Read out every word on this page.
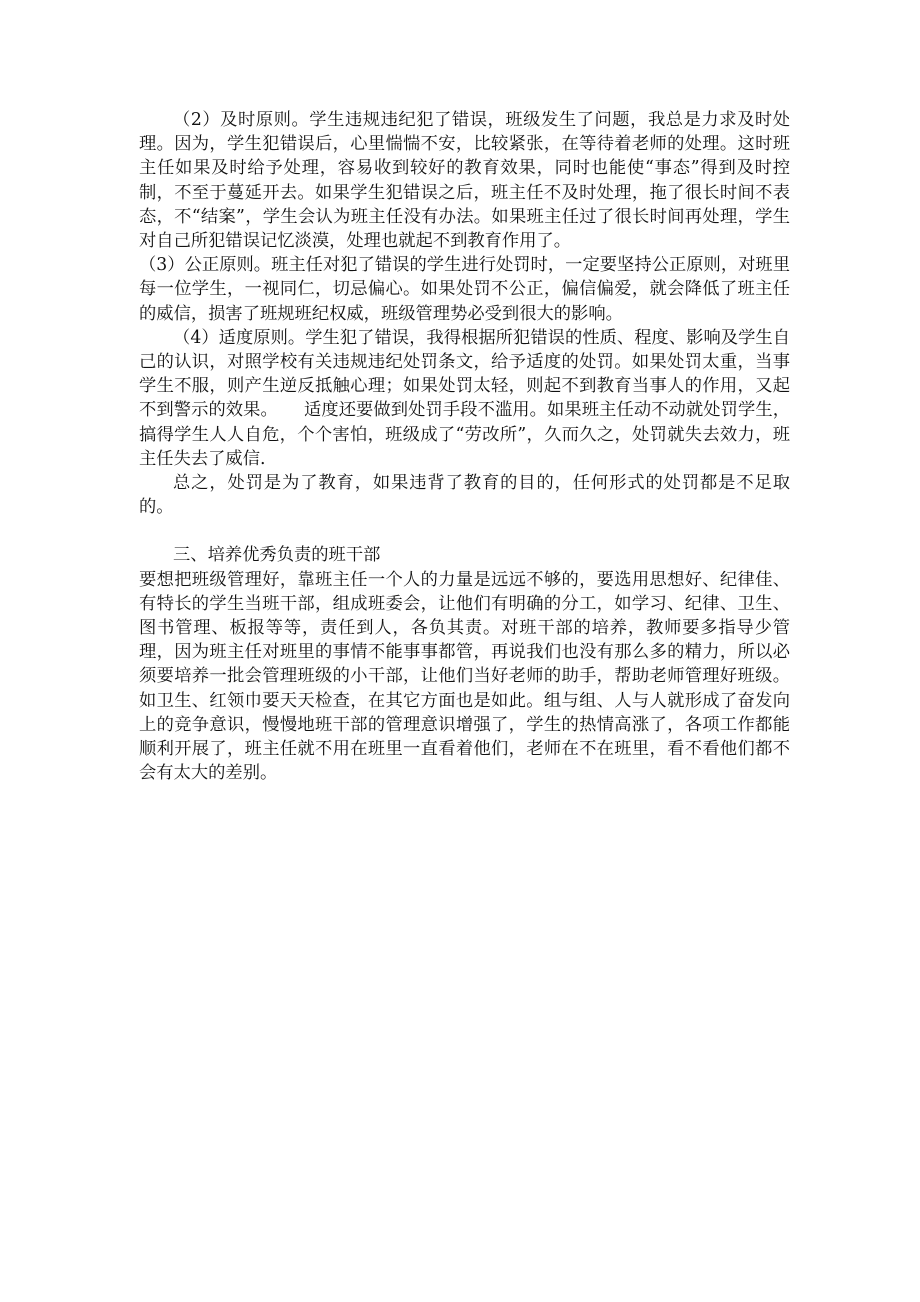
（2）及时原则。学生违规违纪犯了错误，班级发生了问题，我总是力求及时处理。因为，学生犯错误后，心里惴惴不安，比较紧张，在等待着老师的处理。这时班主任如果及时给予处理，容易收到较好的教育效果，同时也能使“事态”得到及时控制，不至于蔓延开去。如果学生犯错误之后，班主任不及时处理，拖了很长时间不表态，不“结案”，学生会认为班主任没有办法。如果班主任过了很长时间再处理，学生对自己所犯错误记忆淡漠，处理也就起不到教育作用了。

（3）公正原则。班主任对犯了错误的学生进行处罚时，一定要坚持公正原则，对班里每一位学生，一视同仁，切忌偏心。如果处罚不公正，偏信偏爱，就会降低了班主任的威信，损害了班规班纪权威，班级管理势必受到很大的影响。

（4）适度原则。学生犯了错误，我得根据所犯错误的性质、程度、影响及学生自己的认识，对照学校有关违规违纪处罚条文，给予适度的处罚。如果处罚太重，当事学生不服，则产生逆反抵触心理；如果处罚太轻，则起不到教育当事人的作用，又起不到警示的效果。　　适度还要做到处罚手段不滥用。如果班主任动不动就处罚学生，搞得学生人人自危，个个害怕，班级成了“劳改所”，久而久之，处罚就失去效力，班主任失去了威信.

总之，处罚是为了教育，如果违背了教育的目的，任何形式的处罚都是不足取的。

三、培养优秀负责的班干部

要想把班级管理好，靠班主任一个人的力量是远远不够的，要选用思想好、纪律佳、有特长的学生当班干部，组成班委会，让他们有明确的分工，如学习、纪律、卫生、图书管理、板报等等，责任到人，各负其责。对班干部的培养，教师要多指导少管理，因为班主任对班里的事情不能事事都管，再说我们也没有那么多的精力，所以必须要培养一批会管理班级的小干部，让他们当好老师的助手，帮助老师管理好班级。如卫生、红领巾要天天检查，在其它方面也是如此。组与组、人与人就形成了奋发向上的竞争意识，慢慢地班干部的管理意识增强了，学生的热情高涨了，各项工作都能顺利开展了，班主任就不用在班里一直看着他们，老师在不在班里，看不看他们都不会有太大的差别。
